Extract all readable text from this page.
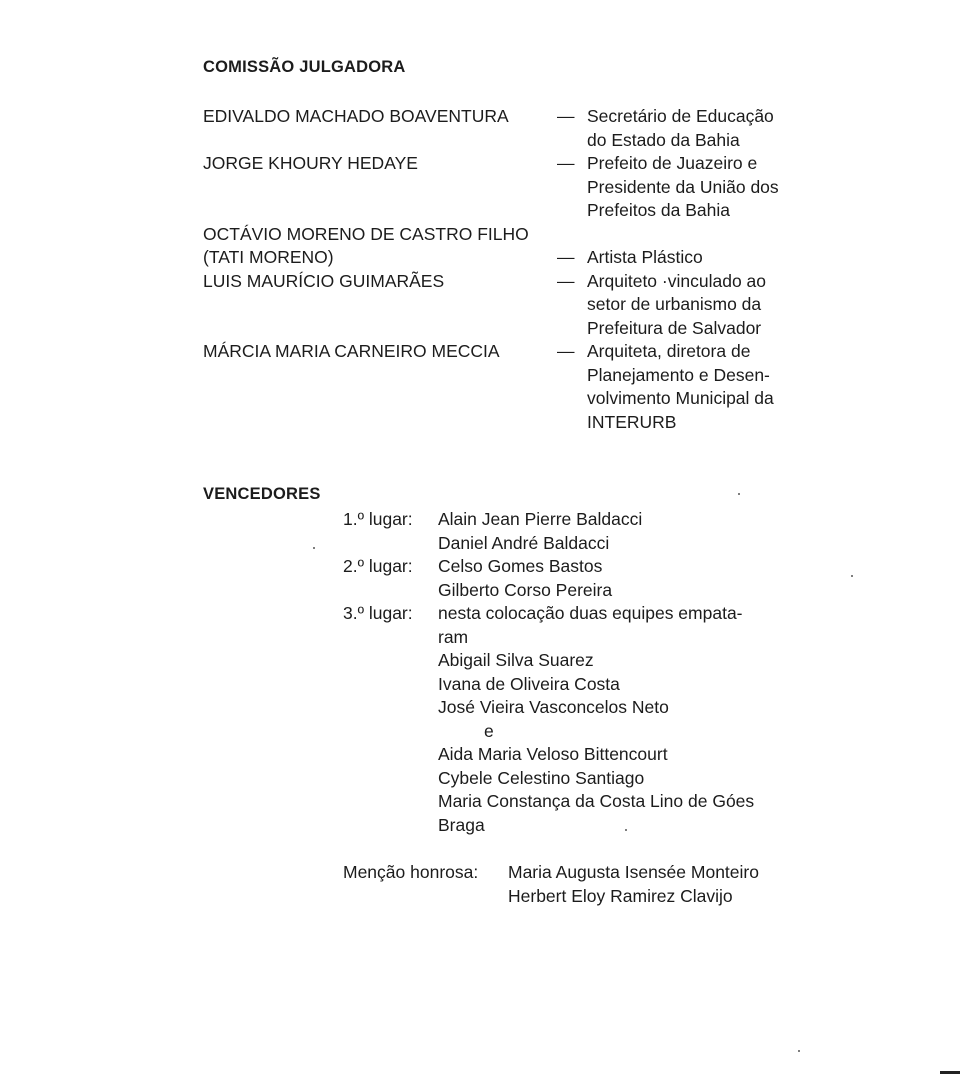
COMISSÃO JULGADORA
EDIVALDO MACHADO BOAVENTURA	— Secretário de Educação
do Estado da Bahia
JORGE KHOURY HEDAYE	— Prefeito de Juazeiro e
Presidente da União dos
Prefeitos da Bahia
OCTÁVIO MORENO DE CASTRO FILHO
(TATI MORENO)	— Artista Plástico
LUIS MAURÍCIO GUIMARÃES	— Arquiteto ·vinculado ao
setor de urbanismo da
Prefeitura de Salvador
MÁRCIA MARIA CARNEIRO MECCIA	— Arquiteta, diretora de
Planejamento e Desen-
volvimento Municipal da
INTERURB
VENCEDORES
1.º lugar: Alain Jean Pierre Baldacci
Daniel André Baldacci
2.º lugar: Celso Gomes Bastos
Gilberto Corso Pereira
3.º lugar: nesta colocação duas equipes empata-
ram
Abigail Silva Suarez
Ivana de Oliveira Costa
José Vieira Vasconcelos Neto
e
Aida Maria Veloso Bittencourt
Cybele Celestino Santiago
Maria Constança da Costa Lino de Góes
Braga
Menção honrosa: Maria Augusta Isensée Monteiro
Herbert Eloy Ramirez Clavijo
